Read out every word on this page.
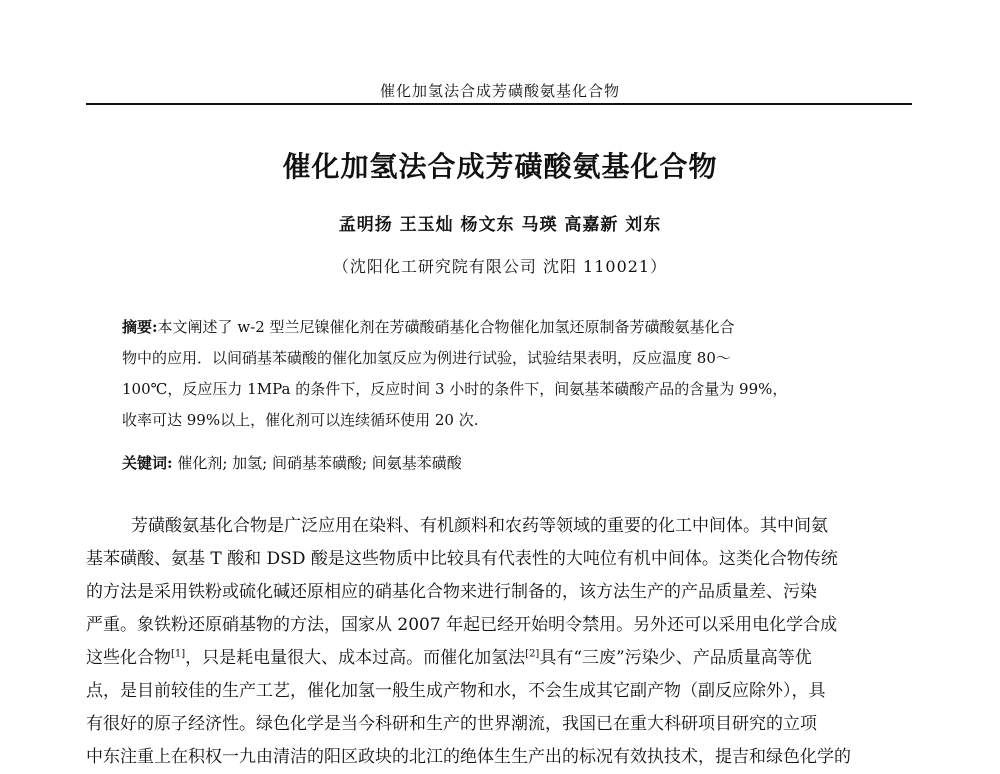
催化加氢法合成芳磺酸氨基化合物
催化加氢法合成芳磺酸氨基化合物
孟明扬 王玉灿 杨文东 马瑛 高嘉新 刘东
（沈阳化工研究院有限公司 沈阳 110021）
摘要:本文阐述了 w-2 型兰尼镍催化剂在芳磺酸硝基化合物催化加氢还原制备芳磺酸氨基化合
物中的应用．以间硝基苯磺酸的催化加氢反应为例进行试验，试验结果表明，反应温度 80～
100℃，反应压力 1MPa 的条件下，反应时间 3 小时的条件下，间氨基苯磺酸产品的含量为 99%，
收率可达 99%以上，催化剂可以连续循环使用 20 次.
关键词: 催化剂; 加氢; 间硝基苯磺酸; 间氨基苯磺酸
芳磺酸氨基化合物是广泛应用在染料、有机颜料和农药等领域的重要的化工中间体。其中间氨
基苯磺酸、氨基 T 酸和 DSD 酸是这些物质中比较具有代表性的大吨位有机中间体。这类化合物传统
的方法是采用铁粉或硫化碱还原相应的硝基化合物来进行制备的，该方法生产的产品质量差、污染
严重。象铁粉还原硝基物的方法，国家从 2007 年起已经开始明令禁用。另外还可以采用电化学合成
这些化合物[1]，只是耗电量很大、成本过高。而催化加氢法[2]具有“三废”污染少、产品质量高等优
点，是目前较佳的生产工艺，催化加氢一般生成产物和水，不会生成其它副产物（副反应除外），具
有很好的原子经济性。绿色化学是当今科研和生产的世界潮流，我国已在重大科研项目研究的立项
中东注重上在积权一九由清洁的阳区政块的北江的绝体生生产出的标况有效执技术，提吉和绿色化学的
